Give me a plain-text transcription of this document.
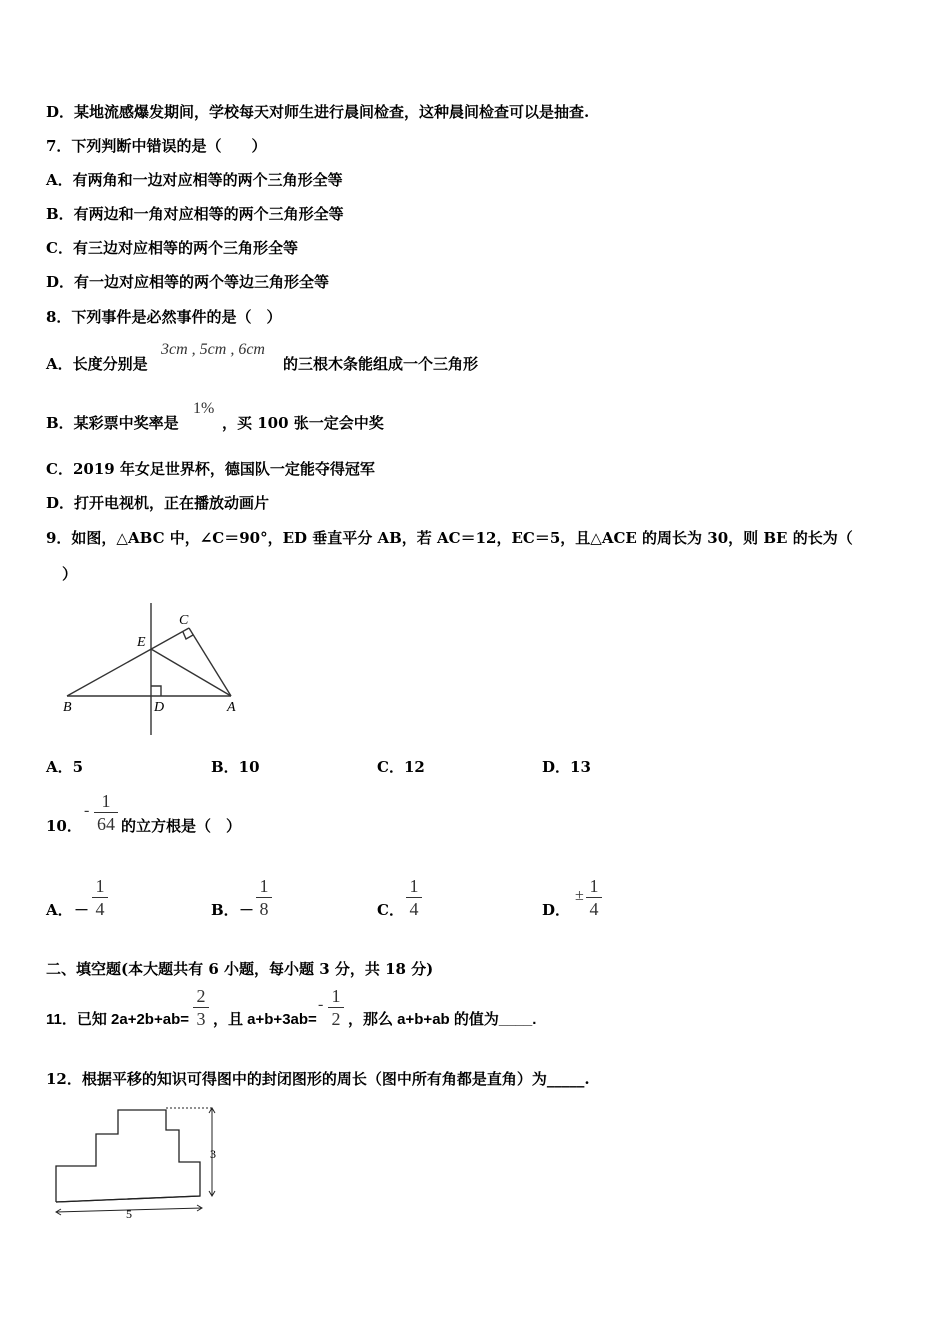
D．某地流感爆发期间，学校每天对师生进行晨间检查，这种晨间检查可以是抽查.
7．下列判断中错误的是（　　）
A．有两角和一边对应相等的两个三角形全等
B．有两边和一角对应相等的两个三角形全等
C．有三边对应相等的两个三角形全等
D．有一边对应相等的两个等边三角形全等
8．下列事件是必然事件的是（　）
A．长度分别是
3cm , 5cm , 6cm
的三根木条能组成一个三角形
B．某彩票中奖率是
1%
，买 100 张一定会中奖
C．2019 年女足世界杯，德国队一定能夺得冠军
D．打开电视机，正在播放动画片
9．如图，△ABC 中，∠C＝90°，ED 垂直平分 AB，若 AC＝12，EC＝5，且△ACE 的周长为 30，则 BE 的长为（
）
B	D	A
E
C
A．5	B．10	C．12	D．13
10．
- 1
64 的立方根是（　）
A． －
1
4	B． －
1
8	C．
1
4	D．
± 1
4
二、填空题(本大题共有 6 小题，每小题 3 分，共 18 分)
11．已知 2a+2b+ab=
2
3 ，且 a+b+3ab=
- 1
2 ，那么 a+b+ab 的值为____.
12．根据平移的知识可得图中的封闭图形的周长（图中所有角都是直角）为_____.
3
5
